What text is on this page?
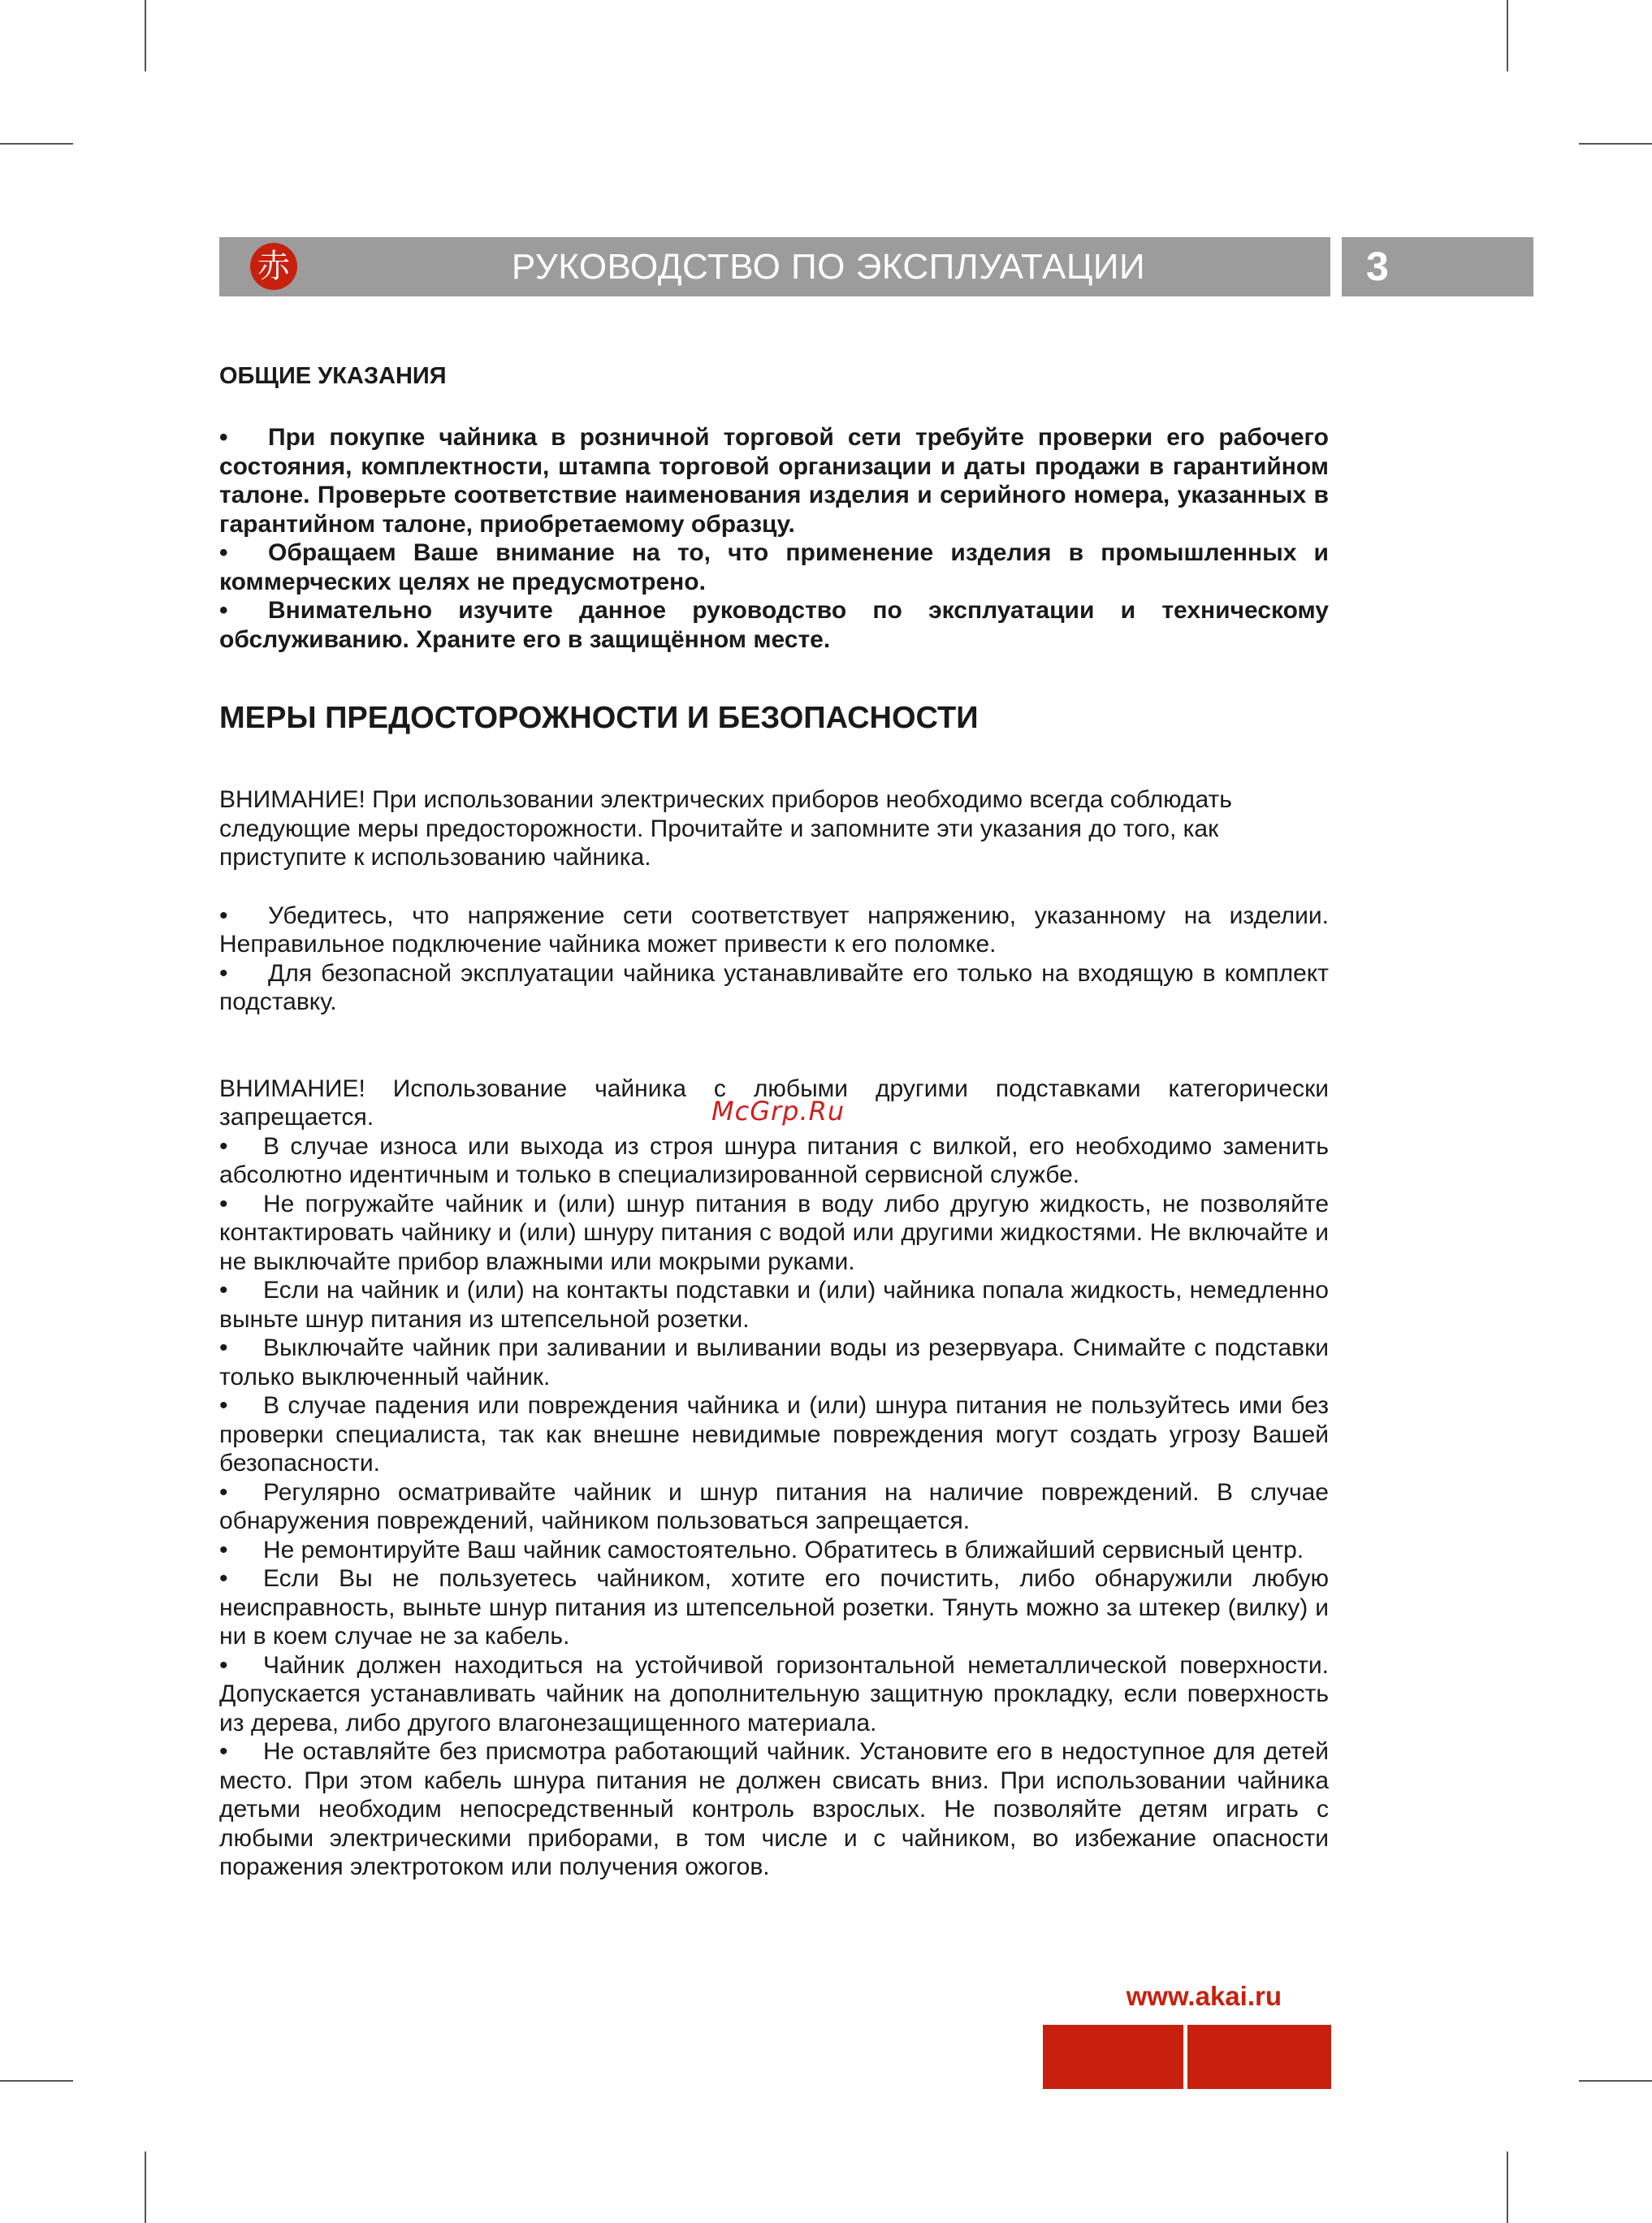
赤	РУКОВОДСТВО ПО ЭКСПЛУАТАЦИИ	3
ОБЩИЕ УКАЗАНИЯ

• При покупке чайника в розничной торговой сети требуйте проверки его рабочего состояния, комплектности, штампа торговой организации и даты продажи в гарантийном талоне. Проверьте соответствие наименования изделия и серийного номера, указанных в гарантийном талоне, приобретаемому образцу.

• Обращаем Ваше внимание на то, что применение изделия в промышленных и коммерческих целях не предусмотрено.

• Внимательно изучите данное руководство по эксплуатации и техническому обслуживанию. Храните его в защищённом месте.

МЕРЫ ПРЕДОСТОРОЖНОСТИ И БЕЗОПАСНОСТИ

ВНИМАНИЕ! При использовании электрических приборов необходимо всегда соблюдать следующие меры предосторожности. Прочитайте и запомните эти указания до того, как приступите к использованию чайника.

• Убедитесь, что напряжение сети соответствует напряжению, указанному на изделии. Неправильное подключение чайника может привести к его поломке.

• Для безопасной эксплуатации чайника устанавливайте его только на входящую в комплект подставку.

ВНИМАНИЕ! Использование чайника с любыми другими подставками категорически запрещается.

• В случае износа или выхода из строя шнура питания с вилкой, его необходимо заменить абсолютно идентичным и только в специализированной сервисной службе.

• Не погружайте чайник и (или) шнур питания в воду либо другую жидкость, не позволяйте контактировать чайнику и (или) шнуру питания с водой или другими жидкостями. Не включайте и не выключайте прибор влажными или мокрыми руками.

• Если на чайник и (или) на контакты подставки и (или) чайника попала жидкость, немедленно выньте шнур питания из штепсельной розетки.

• Выключайте чайник при заливании и выливании воды из резервуара. Снимайте с подставки только выключенный чайник.

• В случае падения или повреждения чайника и (или) шнура питания не пользуйтесь ими без проверки специалиста, так как внешне невидимые повреждения могут создать угрозу Вашей безопасности.

• Регулярно осматривайте чайник и шнур питания на наличие повреждений. В случае обнаружения повреждений, чайником пользоваться запрещается.

• Не ремонтируйте Ваш чайник самостоятельно. Обратитесь в ближайший сервисный центр.

• Если Вы не пользуетесь чайником, хотите его почистить, либо обнаружили любую неисправность, выньте шнур питания из штепсельной розетки. Тянуть можно за штекер (вилку) и ни в коем случае не за кабель.

• Чайник должен находиться на устойчивой горизонтальной неметаллической поверхности. Допускается устанавливать чайник на дополнительную защитную прокладку, если поверхность из дерева, либо другого влагонезащищенного материала.

• Не оставляйте без присмотра работающий чайник. Установите его в недоступное для детей место. При этом кабель шнура питания не должен свисать вниз. При использовании чайника детьми необходим непосредственный контроль взрослых. Не позволяйте детям играть с любыми электрическими приборами, в том числе и с чайником, во избежание опасности поражения электротоком или получения ожогов.

McGrp.Ru
www.akai.ru
